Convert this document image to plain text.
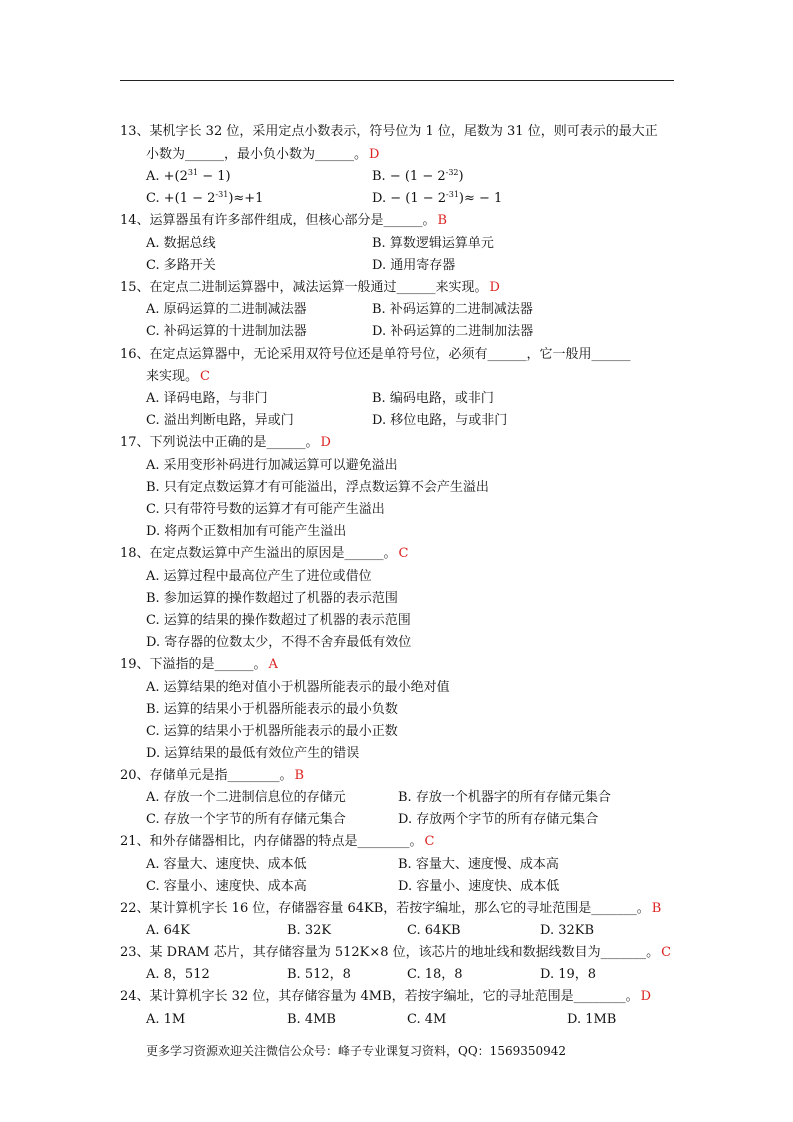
13、某机字长 32 位，采用定点小数表示，符号位为 1 位，尾数为 31 位，则可表示的最大正
小数为______，最小负小数为______。 D
A. $+(2^{31} - 1)$	B. − $(1 - 2^{-32})$
C. $+(1 - 2^{-31})\approx+1$	D. − $(1 - 2^{-31})\approx - 1$
14、运算器虽有许多部件组成，但核心部分是______。 B
A. 数据总线	B. 算数逻辑运算单元
C. 多路开关	D. 通用寄存器
15、在定点二进制运算器中，减法运算一般通过______来实现。 D
A. 原码运算的二进制减法器	B. 补码运算的二进制减法器
C. 补码运算的十进制加法器	D. 补码运算的二进制加法器
16、在定点运算器中，无论采用双符号位还是单符号位，必须有______，它一般用______
来实现。 C
A. 译码电路，与非门	B. 编码电路，或非门
C. 溢出判断电路，异或门	D. 移位电路，与或非门
17、下列说法中正确的是______。 D
A. 采用变形补码进行加减运算可以避免溢出
B. 只有定点数运算才有可能溢出，浮点数运算不会产生溢出
C. 只有带符号数的运算才有可能产生溢出
D. 将两个正数相加有可能产生溢出
18、在定点数运算中产生溢出的原因是______。 C
A. 运算过程中最高位产生了进位或借位
B. 参加运算的操作数超过了机器的表示范围
C. 运算的结果的操作数超过了机器的表示范围
D. 寄存器的位数太少，不得不舍弃最低有效位
19、下溢指的是______。 A
A. 运算结果的绝对值小于机器所能表示的最小绝对值
B. 运算的结果小于机器所能表示的最小负数
C. 运算的结果小于机器所能表示的最小正数
D. 运算结果的最低有效位产生的错误
20、存储单元是指________。 B
A. 存放一个二进制信息位的存储元	B. 存放一个机器字的所有存储元集合
C. 存放一个字节的所有存储元集合	D. 存放两个字节的所有存储元集合
21、和外存储器相比，内存储器的特点是________。 C
A. 容量大、速度快、成本低	B. 容量大、速度慢、成本高
C. 容量小、速度快、成本高	D. 容量小、速度快、成本低
22、某计算机字长 16 位，存储器容量 64KB，若按字编址，那么它的寻址范围是_______。 B
A. 64K	B. 32K	C. 64KB	D. 32KB
23、某 DRAM 芯片，其存储容量为 512K×8 位，该芯片的地址线和数据线数目为_______。 C
A. 8，512	B. 512，8	C. 18，8	D. 19，8
24、某计算机字长 32 位，其存储容量为 4MB，若按字编址，它的寻址范围是________。 D
A. 1M	B. 4MB	C. 4M	D. 1MB
更多学习资源欢迎关注微信公众号：峰子专业课复习资料，QQ：1569350942
